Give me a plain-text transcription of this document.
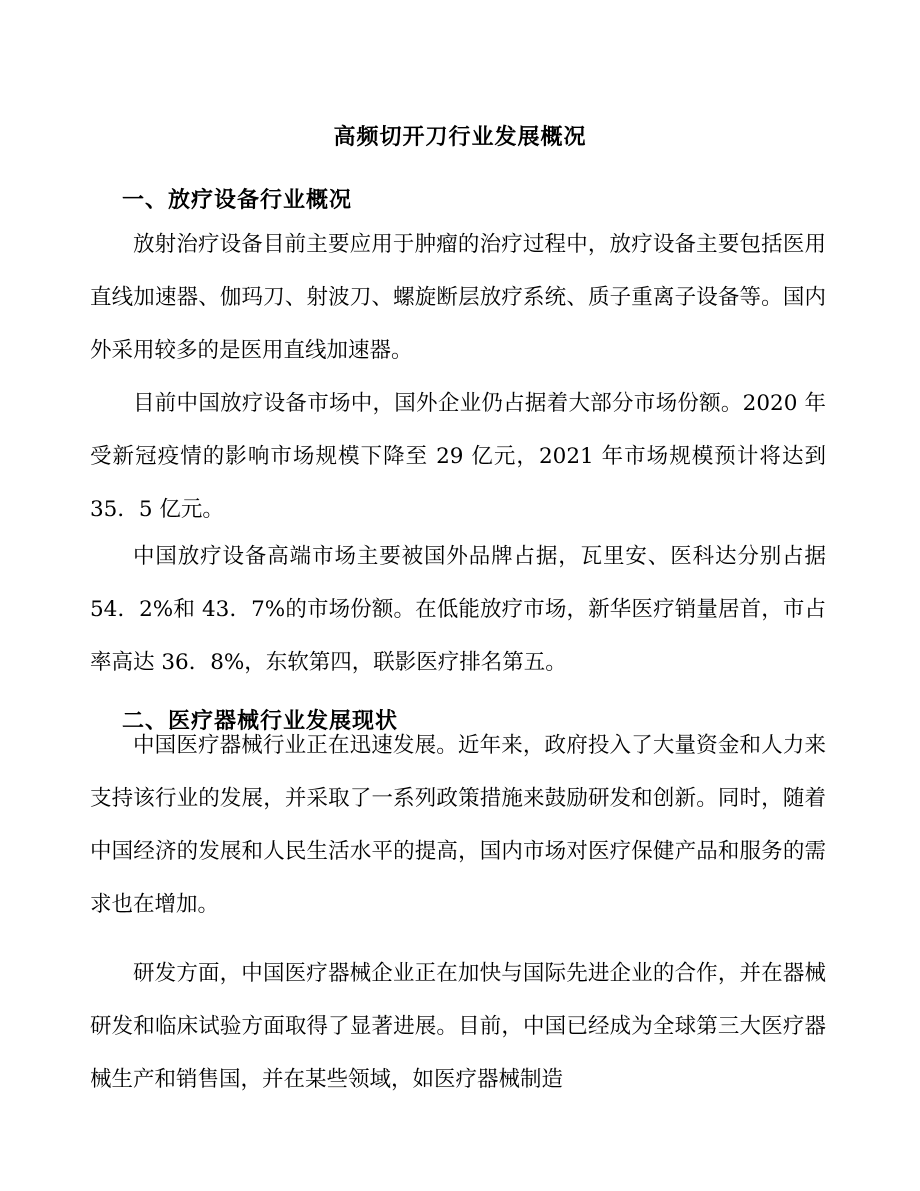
高频切开刀行业发展概况
一、放疗设备行业概况

放射治疗设备目前主要应用于肿瘤的治疗过程中，放疗设备主要包括医用直线加速器、伽玛刀、射波刀、螺旋断层放疗系统、质子重离子设备等。国内外采用较多的是医用直线加速器。

目前中国放疗设备市场中，国外企业仍占据着大部分市场份额。2020 年受新冠疫情的影响市场规模下降至 29 亿元，2021 年市场规模预计将达到 35．5 亿元。

中国放疗设备高端市场主要被国外品牌占据，瓦里安、医科达分别占据 54．2%和 43．7%的市场份额。在低能放疗市场，新华医疗销量居首，市占率高达 36．8%，东软第四，联影医疗排名第五。

二、医疗器械行业发展现状

中国医疗器械行业正在迅速发展。近年来，政府投入了大量资金和人力来支持该行业的发展，并采取了一系列政策措施来鼓励研发和创新。同时，随着中国经济的发展和人民生活水平的提高，国内市场对医疗保健产品和服务的需求也在增加。

研发方面，中国医疗器械企业正在加快与国际先进企业的合作，并在器械研发和临床试验方面取得了显著进展。目前，中国已经成为全球第三大医疗器械生产和销售国，并在某些领域，如医疗器械制造
